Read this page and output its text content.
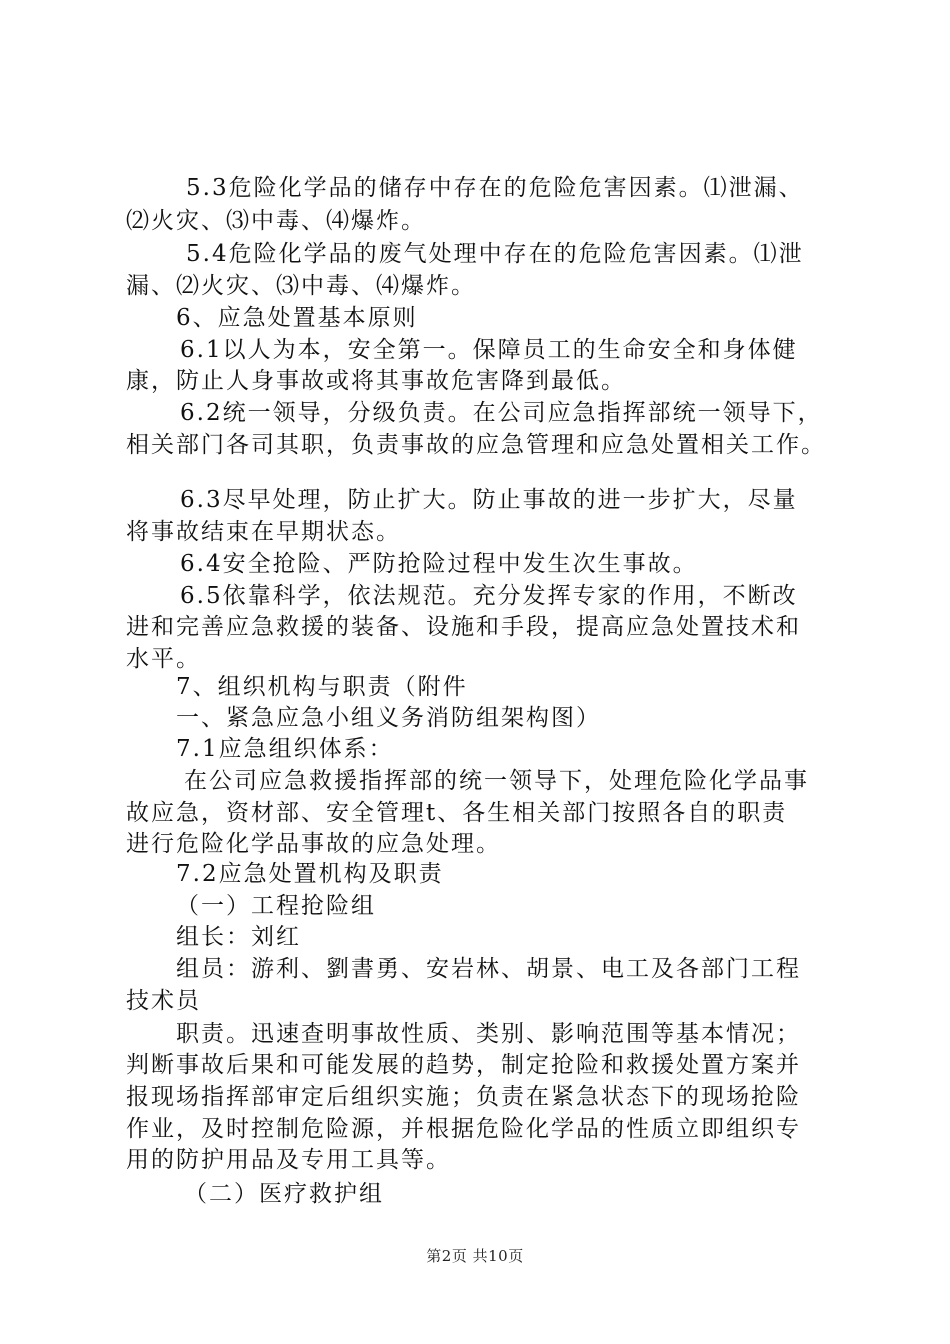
5.3危险化学品的储存中存在的危险危害因素。⑴泄漏、
⑵火灾、⑶中毒、⑷爆炸。
5.4危险化学品的废气处理中存在的危险危害因素。⑴泄
漏、⑵火灾、⑶中毒、⑷爆炸。
6、应急处置基本原则
6.1以人为本，安全第一。保障员工的生命安全和身体健
康，防止人身事故或将其事故危害降到最低。
6.2统一领导，分级负责。在公司应急指挥部统一领导下，
相关部门各司其职，负责事故的应急管理和应急处置相关工作。
6.3尽早处理，防止扩大。防止事故的进一步扩大，尽量
将事故结束在早期状态。
6.4安全抢险、严防抢险过程中发生次生事故。
6.5依靠科学，依法规范。充分发挥专家的作用，不断改
进和完善应急救援的装备、设施和手段，提高应急处置技术和
水平。
7、组织机构与职责（附件
一、紧急应急小组义务消防组架构图）
7.1应急组织体系：
在公司应急救援指挥部的统一领导下，处理危险化学品事
故应急，资材部、安全管理t、各生相关部门按照各自的职责
进行危险化学品事故的应急处理。
7.2应急处置机构及职责
（一）工程抢险组
组长：刘红
组员：游利、劉書勇、安岩林、胡景、电工及各部门工程
技术员
职责。迅速查明事故性质、类别、影响范围等基本情况；
判断事故后果和可能发展的趋势，制定抢险和救援处置方案并
报现场指挥部审定后组织实施；负责在紧急状态下的现场抢险
作业，及时控制危险源，并根据危险化学品的性质立即组织专
用的防护用品及专用工具等。
（二）医疗救护组
第2页 共10页
